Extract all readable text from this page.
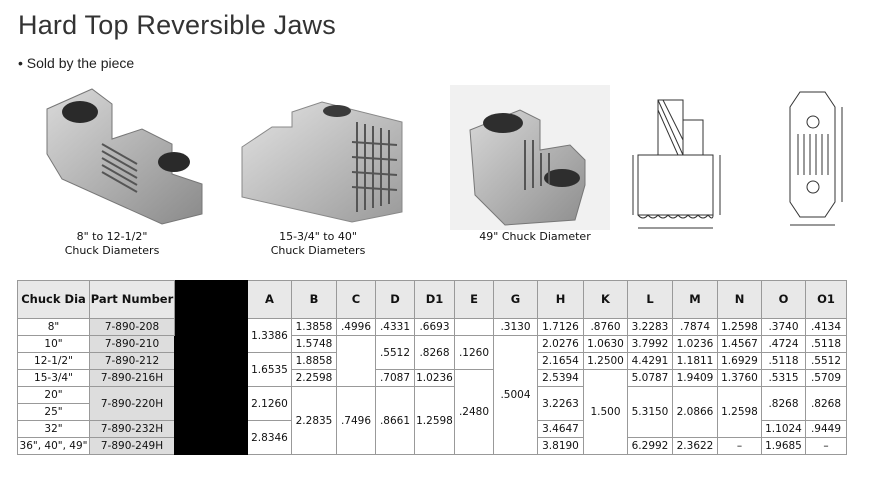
Hard Top Reversible Jaws
• Sold by the piece
8" to 12-1/2"
Chuck Diameters
15-3/4" to 40"
Chuck Diameters
49" Chuck Diameter
Chuck Dia	Part Number		A	B	C	D	D1	E	G	H	K	L	M	N	O	O1
8"	7-890-208		1.3386	1.3858	.4996	.4331	.6693		.3130	1.7126	.8760	3.2283	.7874	1.2598	.3740	.4134
10"	7-890-210			1.5748		.5512	.8268	.1260	.5004	2.0276	1.0630	3.7992	1.0236	1.4567	.4724	.5118
12-1/2"	7-890-212		1.6535	1.8858						2.1654	1.2500	4.4291	1.1811	1.6929	.5118	.5512
15-3/4"	7-890-216H			2.2598		.7087	1.0236	.2480		2.5394	1.500	5.0787	1.9409	1.3760	.5315	.5709
20"	7-890-220H		2.1260	2.2835	.7496	.8661	1.2598			3.2263		5.3150	2.0866	1.2598	.8268	.8268
25"																
32"	7-890-232H		2.8346							3.4647					1.1024	.9449
36", 40", 49"	7-890-249H									3.8190		6.2992	2.3622	–	1.9685	–
